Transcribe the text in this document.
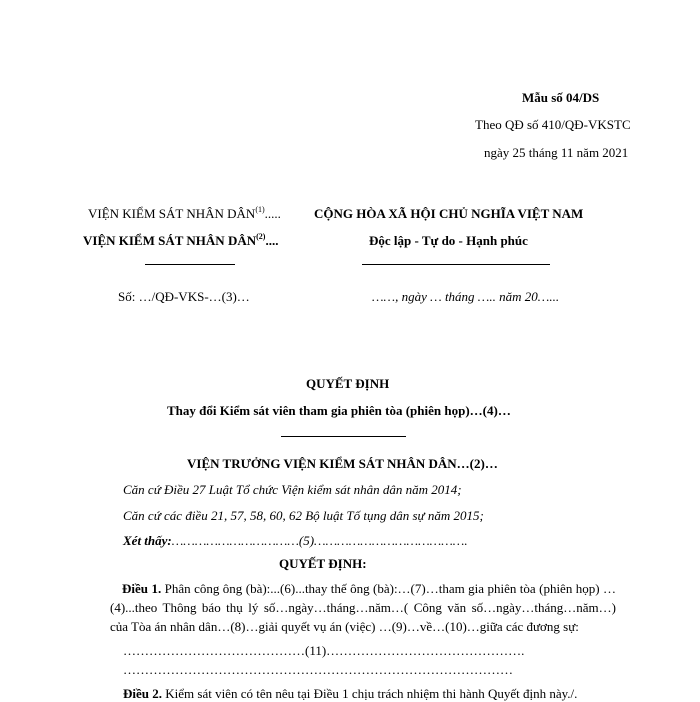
Mẫu số 04/DS
Theo QĐ số 410/QĐ-VKSTC
ngày 25 tháng 11 năm 2021
VIỆN KIỂM SÁT NHÂN DÂN$^{(1)}$.....
VIỆN KIỂM SÁT NHÂN DÂN$^{(2)}$....
Số: …/QĐ-VKS-…(3)…
CỘNG HÒA XÃ HỘI CHỦ NGHĨA VIỆT NAM
Độc lập - Tự do - Hạnh phúc
……, ngày … tháng ….. năm 20…...
QUYẾT ĐỊNH
Thay đổi Kiểm sát viên tham gia phiên tòa (phiên họp)…(4)…
VIỆN TRƯỞNG VIỆN KIỂM SÁT NHÂN DÂN…(2)…
Căn cứ Điều 27 Luật Tổ chức Viện kiểm sát nhân dân năm 2014;
Căn cứ các điều 21, 57, 58, 60, 62 Bộ luật Tố tụng dân sự năm 2015;
Xét thấy:……………………………(5)………………………………….
QUYẾT ĐỊNH:
Điều 1. Phân công ông (bà):...(6)...thay thế ông (bà):…(7)…tham gia phiên tòa (phiên họp) …(4)...theo Thông báo thụ lý số…ngày…tháng…năm…( Công văn số…ngày…tháng…năm…) của Tòa án nhân dân…(8)…giải quyết vụ án (việc) …(9)…về…(10)…giữa các đương sự:
……………………………………(11)……………………………………….
………………………………………………………………………………
Điều 2. Kiểm sát viên có tên nêu tại Điều 1 chịu trách nhiệm thi hành Quyết định này./.
